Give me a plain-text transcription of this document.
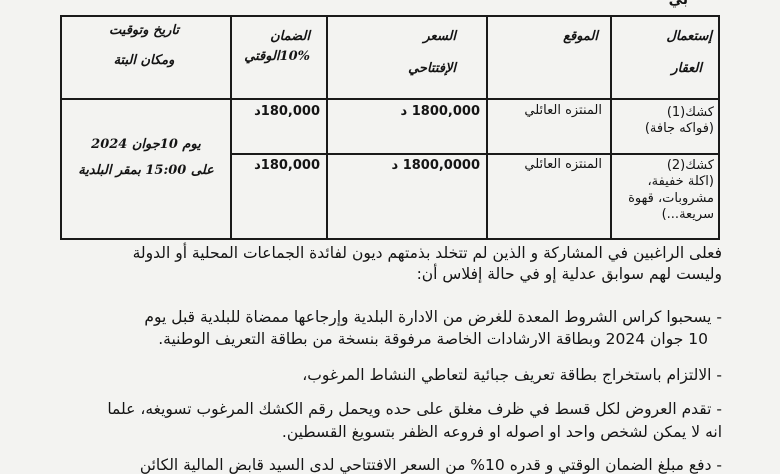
بي
إستعمال
العقار
الموقع
السعر
الإفتتاحي
الضمان
10%الوقتي
تاريخ وتوقيت
ومكان البتة
كشك(1)
(فواكه جافة)
المنتزه العائلي
1800,000 د
180,000د
كشك(2)
(اكلة خفيفة،
مشروبات، قهوة
سريعة...)
المنتزه العائلي
1800,0000 د
180,000د
يوم 10جوان 2024
على 15:00 بمقر البلدية
فعلى الراغبين في المشاركة و الذين لم تتخلد بذمتهم ديون لفائدة الجماعات المحلية أو الدولة
وليست لهم سوابق عدلية إو في حالة إفلاس أن:
- يسحبوا كراس الشروط المعدة للغرض من الادارة البلدية وإرجاعها ممضاة للبلدية قبل يوم
10 جوان 2024 وبطاقة الارشادات الخاصة مرفوقة بنسخة من بطاقة التعريف الوطنية.
- الالتزام باستخراج بطاقة تعريف جبائية لتعاطي النشاط المرغوب،
- تقدم العروض لكل قسط في ظرف مغلق على حده ويحمل رقم الكشك المرغوب تسويغه، علما
انه لا يمكن لشخص واحد او اصوله او فروعه الظفر بتسويغ القسطين.
- دفع مبلغ الضمان الوقتي و قدره 10% من السعر الافتتاحي لدى السيد قابض المالية الكائن
